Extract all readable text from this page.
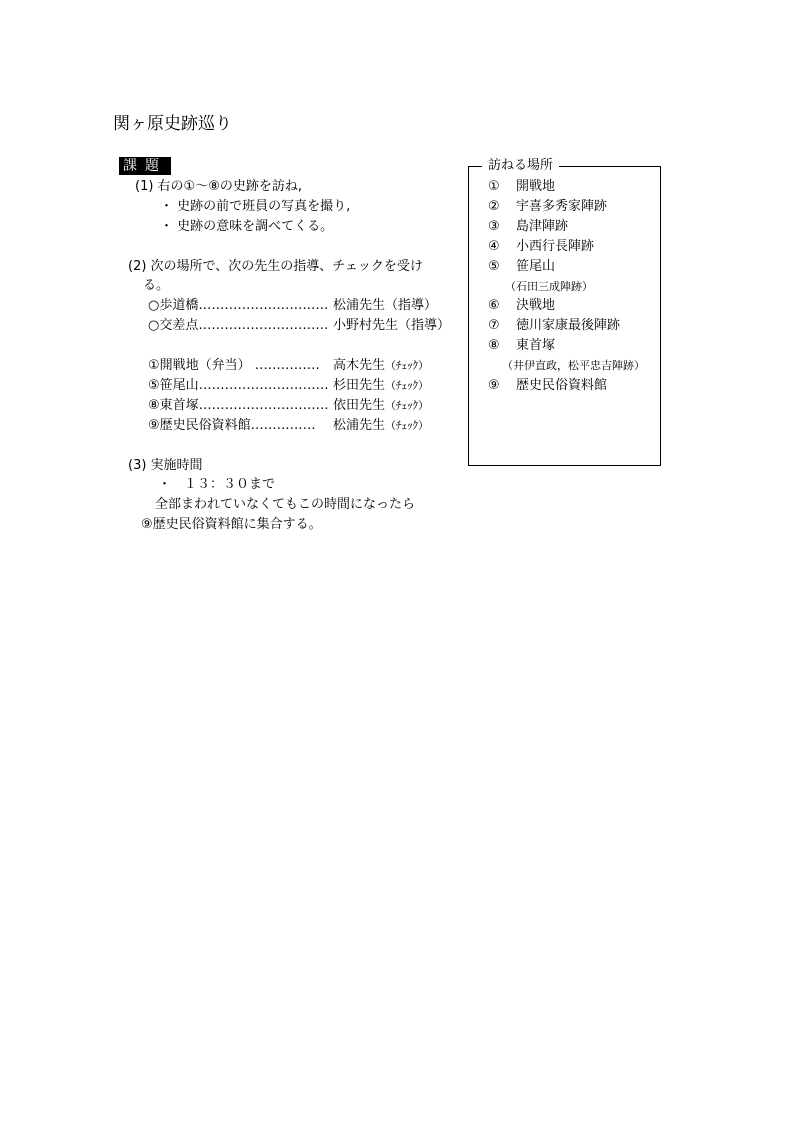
関ヶ原史跡巡り
課題
(1) 右の①～⑧の史跡を訪ね,
・ 史跡の前で班員の写真を撮り,
・ 史跡の意味を調べてくる。
(2) 次の場所で、次の先生の指導、チェックを受け
る。
○歩道橋………………………… 松浦先生（指導）
○交差点………………………… 小野村先生（指導）
①開戦地（弁当） …………… 高木先生（ﾁｪｯｸ）
⑤笹尾山………………………… 杉田先生（ﾁｪｯｸ）
⑧東首塚………………………… 依田先生（ﾁｪｯｸ）
⑨歴史民俗資料館…………… 松浦先生（ﾁｪｯｸ）
(3) 実施時間
・　１３：３０まで
全部まわれていなくてもこの時間になったら
⑨歴史民俗資料館に集合する。
訪ねる場所
① 開戦地
② 宇喜多秀家陣跡
③ 島津陣跡
④ 小西行長陣跡
⑤ 笹尾山
（石田三成陣跡）
⑥ 決戦地
⑦ 徳川家康最後陣跡
⑧ 東首塚
（井伊直政，松平忠吉陣跡）
⑨ 歴史民俗資料館
